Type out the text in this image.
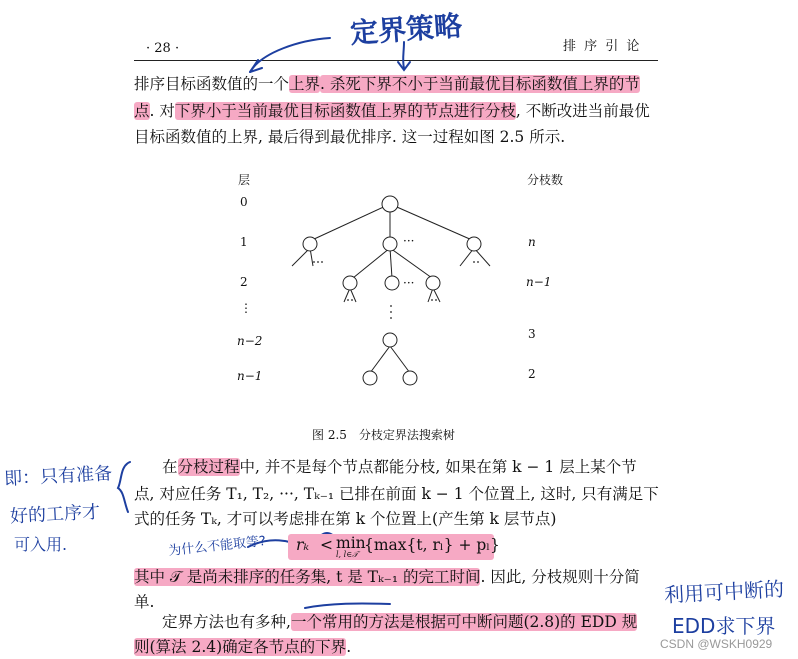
· 28 ·	排 序 引 论
定界策略
排序目标函数值的一个上界. 杀死下界不小于当前最优目标函数值上界的节
点. 对下界小于当前最优目标函数值上界的节点进行分枝, 不断改进当前最优
目标函数值的上界, 最后得到最优排序. 这一过程如图 2.5 所示.
层	分枝数
0
1
2
⋮
n−2
n−1
n
n−1
3
2
···
···
图 2.5　分枝定界法搜索树
即：只有准备
好的工序才
可入用.
在分枝过程中, 并不是每个节点都能分枝, 如果在第 k − 1 层上某个节
点, 对应任务 T₁, T₂, ···, Tₖ₋₁ 已排在前面 k − 1 个位置上, 这时, 只有满足下
式的任务 Tₖ, 才可以考虑排在第 k 个位置上(产生第 k 层节点)
为什么不能取等? rₖ < min
l, l∈𝒯
{max{t, rₗ} + pₗ}
其中 𝒯 是尚未排序的任务集, t 是 Tₖ₋₁ 的完工时间. 因此, 分枝规则十分简
单.
定界方法也有多种,一个常用的方法是根据可中断问题(2.8)的 EDD 规
则(算法 2.4)确定各节点的下界.
利用可中断的
EDD求下界
CSDN @WSKH0929
